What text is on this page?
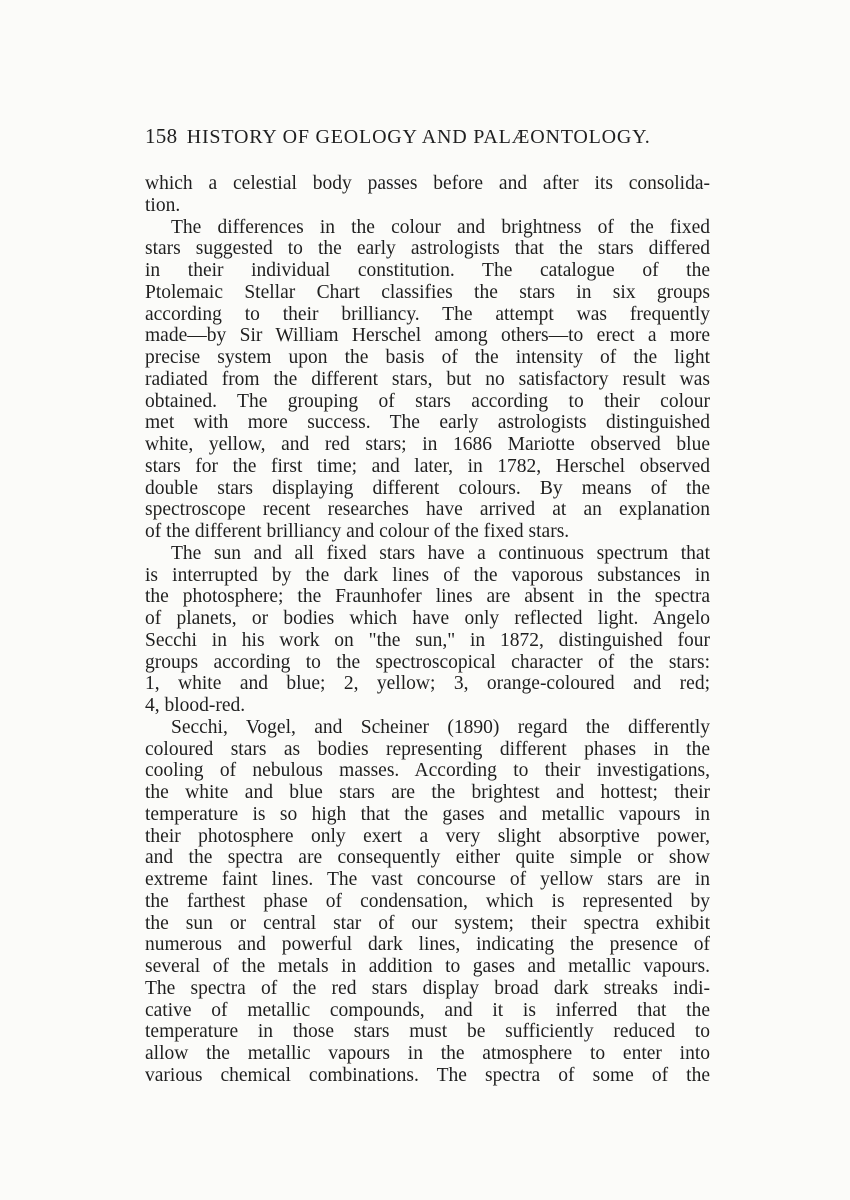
158 HISTORY OF GEOLOGY AND PALÆONTOLOGY.
which a celestial body passes before and after its consolida-
tion.
The differences in the colour and brightness of the fixed
stars suggested to the early astrologists that the stars differed
in their individual constitution. The catalogue of the
Ptolemaic Stellar Chart classifies the stars in six groups
according to their brilliancy. The attempt was frequently
made—by Sir William Herschel among others—to erect a more
precise system upon the basis of the intensity of the light
radiated from the different stars, but no satisfactory result was
obtained. The grouping of stars according to their colour
met with more success. The early astrologists distinguished
white, yellow, and red stars; in 1686 Mariotte observed blue
stars for the first time; and later, in 1782, Herschel observed
double stars displaying different colours. By means of the
spectroscope recent researches have arrived at an explanation
of the different brilliancy and colour of the fixed stars.
The sun and all fixed stars have a continuous spectrum that
is interrupted by the dark lines of the vaporous substances in
the photosphere; the Fraunhofer lines are absent in the spectra
of planets, or bodies which have only reflected light. Angelo
Secchi in his work on "the sun," in 1872, distinguished four
groups according to the spectroscopical character of the stars:
1, white and blue; 2, yellow; 3, orange-coloured and red;
4, blood-red.
Secchi, Vogel, and Scheiner (1890) regard the differently
coloured stars as bodies representing different phases in the
cooling of nebulous masses. According to their investigations,
the white and blue stars are the brightest and hottest; their
temperature is so high that the gases and metallic vapours in
their photosphere only exert a very slight absorptive power,
and the spectra are consequently either quite simple or show
extreme faint lines. The vast concourse of yellow stars are in
the farthest phase of condensation, which is represented by
the sun or central star of our system; their spectra exhibit
numerous and powerful dark lines, indicating the presence of
several of the metals in addition to gases and metallic vapours.
The spectra of the red stars display broad dark streaks indi-
cative of metallic compounds, and it is inferred that the
temperature in those stars must be sufficiently reduced to
allow the metallic vapours in the atmosphere to enter into
various chemical combinations. The spectra of some of the
